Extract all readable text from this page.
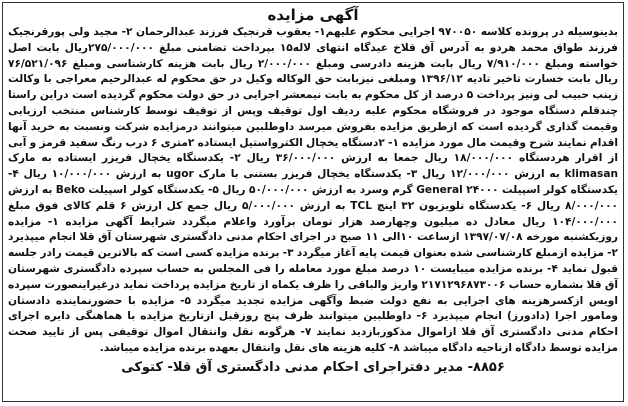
آگهی مزایده

بدینوسیله در پرونده کلاسه ۹۷۰۰۵۰ اجرایی محکوم علیهم۱- یعقوب قرنجیک فرزند عبدالرحمان ۲- مجید ولی پورقرنجیک فرزند طواق محمد هردو به آدرس آق قلاخ عیدگاه انتهای لاله۱۵ بپرداخت تضامنی مبلغ ۲۷۵/۰۰۰/۰۰۰ریال بابت اصل خواسته ومبلغ ۷/۹۱۰/۰۰۰ ریال بابت هزینه دادرسی ومبلغ ۲/۰۰۰/۰۰۰ ریال بابت هزینه کارشناسی ومبلغ ۷۶/۵۲۱/۰۹۶ ریال بابت خسارت تاخیر تادیه ۱۳۹۶/۱۲ ومبلغی نیزبابت حق الوکاله وکیل در حق محکوم له عبدالرحیم معراجی با وکالت زینب حبیب لی ونیز پرداخت ۵ درصد از کل محکوم به بابت نیمعشر اجرایی در حق دولت محکوم گردیده است دراین راستا چندقلم دستگاه موجود در فروشگاه محکوم علیه ردیف اول توقیف وپس از توقیف توسط کارشناس منتخب ارزیابی وقیمت گذاری گردیده است که ازطریق مزایده بفروش میرسد داوطلبین میتوانند درمزایده شرکت ونسبت به خرید آنها اقدام نمایند شرح وقیمت مال مورد مزایده ۱- ۲دستگاه یخچال الکترواستیل ایستاده ۲متری ۶ درب رنگ سفید قرمز و آبی از اقرار هردستگاه ۱۸/۰۰۰/۰۰۰ ریال جمعا به ارزش ۳۶/۰۰۰/۰۰۰ ریال ۲- یکدستگاه یخچال فریزر ایستاده به مارک klimasan به ارزش ۱۲/۰۰۰/۰۰۰ ریال ۳- یکدستگاه یخچال فریزر بستنی با مارک ugor به ارزش ۱۰/۰۰۰/۰۰۰ ریال ۴- یکدستگاه کولر اسپیلت General ۲۴۰۰۰ گرم وسرد به ارزش ۵۰/۰۰۰/۰۰۰ ریال ۵- یکدستگاه کولر اسپیلت Beko به ارزش ۸/۰۰۰/۰۰۰ ریال ۶- یکدستگاه تلویزیون ۳۲ اینچ TCL به ارزش ۵/۰۰۰/۰۰۰ ریال جمع کل ارزش ۶ قلم کالای فوق مبلغ ۱۰۴/۰۰۰/۰۰۰ ریال معادل ده میلیون وچهارصد هزار تومان برآورد واعلام میگردد شرایط آگهی مزایده ۱- مزایده روزیکشنبه مورخه ۱۳۹۷/۰۷/۰۸ ازساعت ۱۰الی ۱۱ صبح در اجرای احکام مدنی دادگستری شهرستان آق قلا انجام میپذیرد ۲- مزایده ازمبلغ کارشناسی شده بعنوان قیمت پایه آغاز میگردد ۳- برنده مزایده کسی است که بالاترین قیمت رادر جلسه قبول نماید ۴- برنده مزایده میبایست ۱۰ درصد مبلغ مورد معامله را فی المجلس به حساب سپرده دادگستری شهرستان آق قلا بشماره حساب ۲۱۷۱۲۹۶۸۷۳۰۰۶ واریز والباقی را ظرف یکماه از تاریخ مزایده پرداخت نماید درغیراینصورت سپرده اویس ازکسرهزینه های اجرایی به نفع دولت ضبط وآگهی مزایده تجدید میگردد ۵- مزایده با حضورنماینده دادستان ومامور اجرا (دادورز) انجام میپذیرد ۶- داوطلبین میتوانند ظرف پنج روزقبل ازتاریخ مزایده با هماهنگی دایره اجرای احکام مدنی دادگستری آق قلا ازاموال مذکوربازدید نمایند ۷- هرگونه نقل وانتقال اموال توقیفی پس از تایید صحت مزایده توسط دادگاه ازناحیه دادگاه میباشد ۸- کلیه هزینه های نقل وانتقال بعهده برنده مزایده میباشد.

۸۸۵۶- مدیر دفتراجرای احکام مدنی دادگستری آق قلا- کتوکی
